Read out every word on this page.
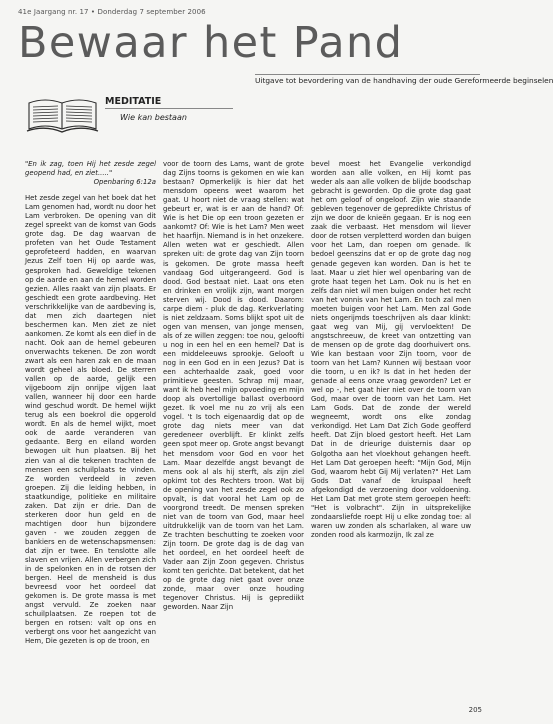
41e Jaargang nr. 17 • Donderdag 7 september 2006
Bewaar het Pand
Uitgave tot bevordering van de handhaving der oude Gereformeerde beginselen
MEDITATIE
Wie kan bestaan

"En ik zag, toen Hij het zesde zegel geopend had, en ziet....."

Openbaring 6:12a

Het zesde zegel van het boek dat het Lam genomen had, wordt nu door het Lam verbroken. De opening van dit zegel spreekt van de komst van Gods grote dag. De dag waarvan de profeten van het Oude Testament geprofeteerd hadden, en waarvan Jezus Zelf toen Hij op aarde was, gesproken had. Geweldige tekenen op de aarde en aan de hemel worden gezien. Alles raakt van zijn plaats. Er geschiedt een grote aardbeving. Het verschrikkelijke van de aardbeving is, dat men zich daartegen niet beschermen kan. Men ziet ze niet aankomen. Ze komt als een dief in de nacht. Ook aan de hemel gebeuren onverwachts tekenen. De zon wordt zwart als een haren zak en de maan wordt geheel als bloed. De sterren vallen op de aarde, gelijk een vijgeboom zijn onrijpe vijgen laat vallen, wanneer hij door een harde wind geschud wordt. De hemel wijkt terug als een boekrol die opgerold wordt. En als de hemel wijkt, moet ook de aarde veranderen van gedaante. Berg en eiland worden bewogen uit hun plaatsen. Bij het zien van al die tekenen trachten de mensen een schuilplaats te vinden. Ze worden verdeeld in zeven groepen. Zij die leiding hebben, in staatkundige, politieke en militaire zaken. Dat zijn er drie. Dan de sterkeren door hun geld en de machtigen door hun bijzondere gaven - we zouden zeggen de bankiers en de wetenschapsmensen: dat zijn er twee. En tenslotte alle slaven en vrijen. Allen verbergen zich in de spelonken en in de rotsen der bergen. Heel de mensheid is dus bevreesd voor het oordeel dat gekomen is. De grote massa is met angst vervuld. Ze zoeken naar schuilplaatsen. Ze roepen tot de bergen en rotsen: valt op ons en verbergt ons voor het aangezicht van Hem, Die gezeten is op de troon, en

voor de toorn des Lams, want de grote dag Zijns toorns is gekomen en wie kan bestaan? Opmerkelijk is hier dat het mensdom opeens weet waarom het gaat. U hoort niet de vraag stellen: wat gebeurt er, wat is er aan de hand? Of: Wie is het Die op een troon gezeten er aankomt? Of: Wie is het Lam? Men weet het haarfijn. Niemand is in het onzekere. Allen weten wat er geschiedt. Allen spreken uit: de grote dag van Zijn toorn is gekomen. De grote massa heeft vandaag God uitgerangeerd. God is dood. God bestaat niet. Laat ons eten en drinken en vrolijk zijn, want morgen sterven wij. Dood is dood. Daarom: carpe diem - pluk de dag. Kerkverlating is niet zeldzaam. Soms blijkt spot uit de ogen van mensen, van jonge mensen, als of ze willen zeggen: toe nou, geloofti u nog in een hel en een hemel? Dat is een middeleeuws sprookje. Gelooft u nog in een God en in een Jezus? Dat is een achterhaalde zaak, goed voor primitieve geesten. Schrap mij maar, want ik heb heel mijn opvoeding en mijn doop als overtollige ballast overboord gezet. Ik voel me nu zo vrij als een vogel. 't Is toch eigenaardig dat op de grote dag niets meer van dat geredeneer overblijft. Er klinkt zelfs geen spot meer op. Grote angst bevangt het mensdom voor God en voor het Lam. Maar dezelfde angst bevangt de mens ook al als hij sterft, als zijn ziel opkimt tot des Rechters troon. Wat bij de opening van het zesde zegel ook zo opvalt, is dat vooral het Lam op de voorgrond treedt. De mensen spreken niet van de toorn van God, maar heel uitdrukkelijk van de toorn van het Lam. Ze trachten beschutting te zoeken voor Zijn toorn. De grote dag is de dag van het oordeel, en het oordeel heeft de Vader aan Zijn Zoon gegeven. Christus komt ten gerichte. Dat betekent, dat het op de grote dag niet gaat over onze zonde, maar over onze houding tegenover Christus. Hij is geprediikt geworden. Naar Zijn

bevel moest het Evangelie verkondigd worden aan alle volken, en Hij komt pas weder als aan alle volken de blijde boodschap gebracht is geworden. Op die grote dag gaat het om geloof of ongeloof. Zijn wie staande gebleven tegenover de gepredikte Christus of zijn we door de knieën gegaan. Er is nog een zaak die verbaast. Het mensdom wil liever door de rotsen verpletterd worden dan buigen voor het Lam, dan roepen om genade. Ik bedoel geenszins dat er op de grote dag nog genade gegeven kan worden. Dan is het te laat. Maar u ziet hier wel openbaring van de grote haat tegen het Lam. Ook nu is het en zelfs dan niet wil men buigen onder het recht van het vonnis van het Lam. En toch zal men moeten buigen voor het Lam. Men zal Gode niets ongerijmds toeschrijven als daar klinkt: gaat weg van Mij, gij vervloekten! De angstschreeuw, de kreet van ontzetting van de mensen op de grote dag doorhuivert ons. Wie kan bestaan voor Zijn toorn, voor de toorn van het Lam? Kunnen wij bestaan voor die toorn, u en ik? Is dat in het heden der genade al eens onze vraag geworden? Let er wel op -, het gaat hier niet over de toorn van God, maar over de toorn van het Lam. Het Lam Gods. Dat de zonde der wereld wegneemt, wordt ons elke zondag verkondigd. Het Lam Dat Zich Gode geofferd heeft. Dat Zijn bloed gestort heeft. Het Lam Dat in de drieurige duisternis daar op Golgotha aan het vloekhout gehangen heeft. Het Lam Dat geroepen heeft: "Mijn God, Mijn God, waarom hebt Gij Mij verlaten?" Het Lam Gods Dat vanaf de kruispaal heeft afgekondigd de verzoening door voldoening. Het Lam Dat met grote stem geroepen heeft: "Het is volbracht". Zijn in uitsprekelijke zondaarsliefde roept Hij u elke zondag toe: al waren uw zonden als scharlaken, al ware uw zonden rood als karmozijn, Ik zal ze

205
